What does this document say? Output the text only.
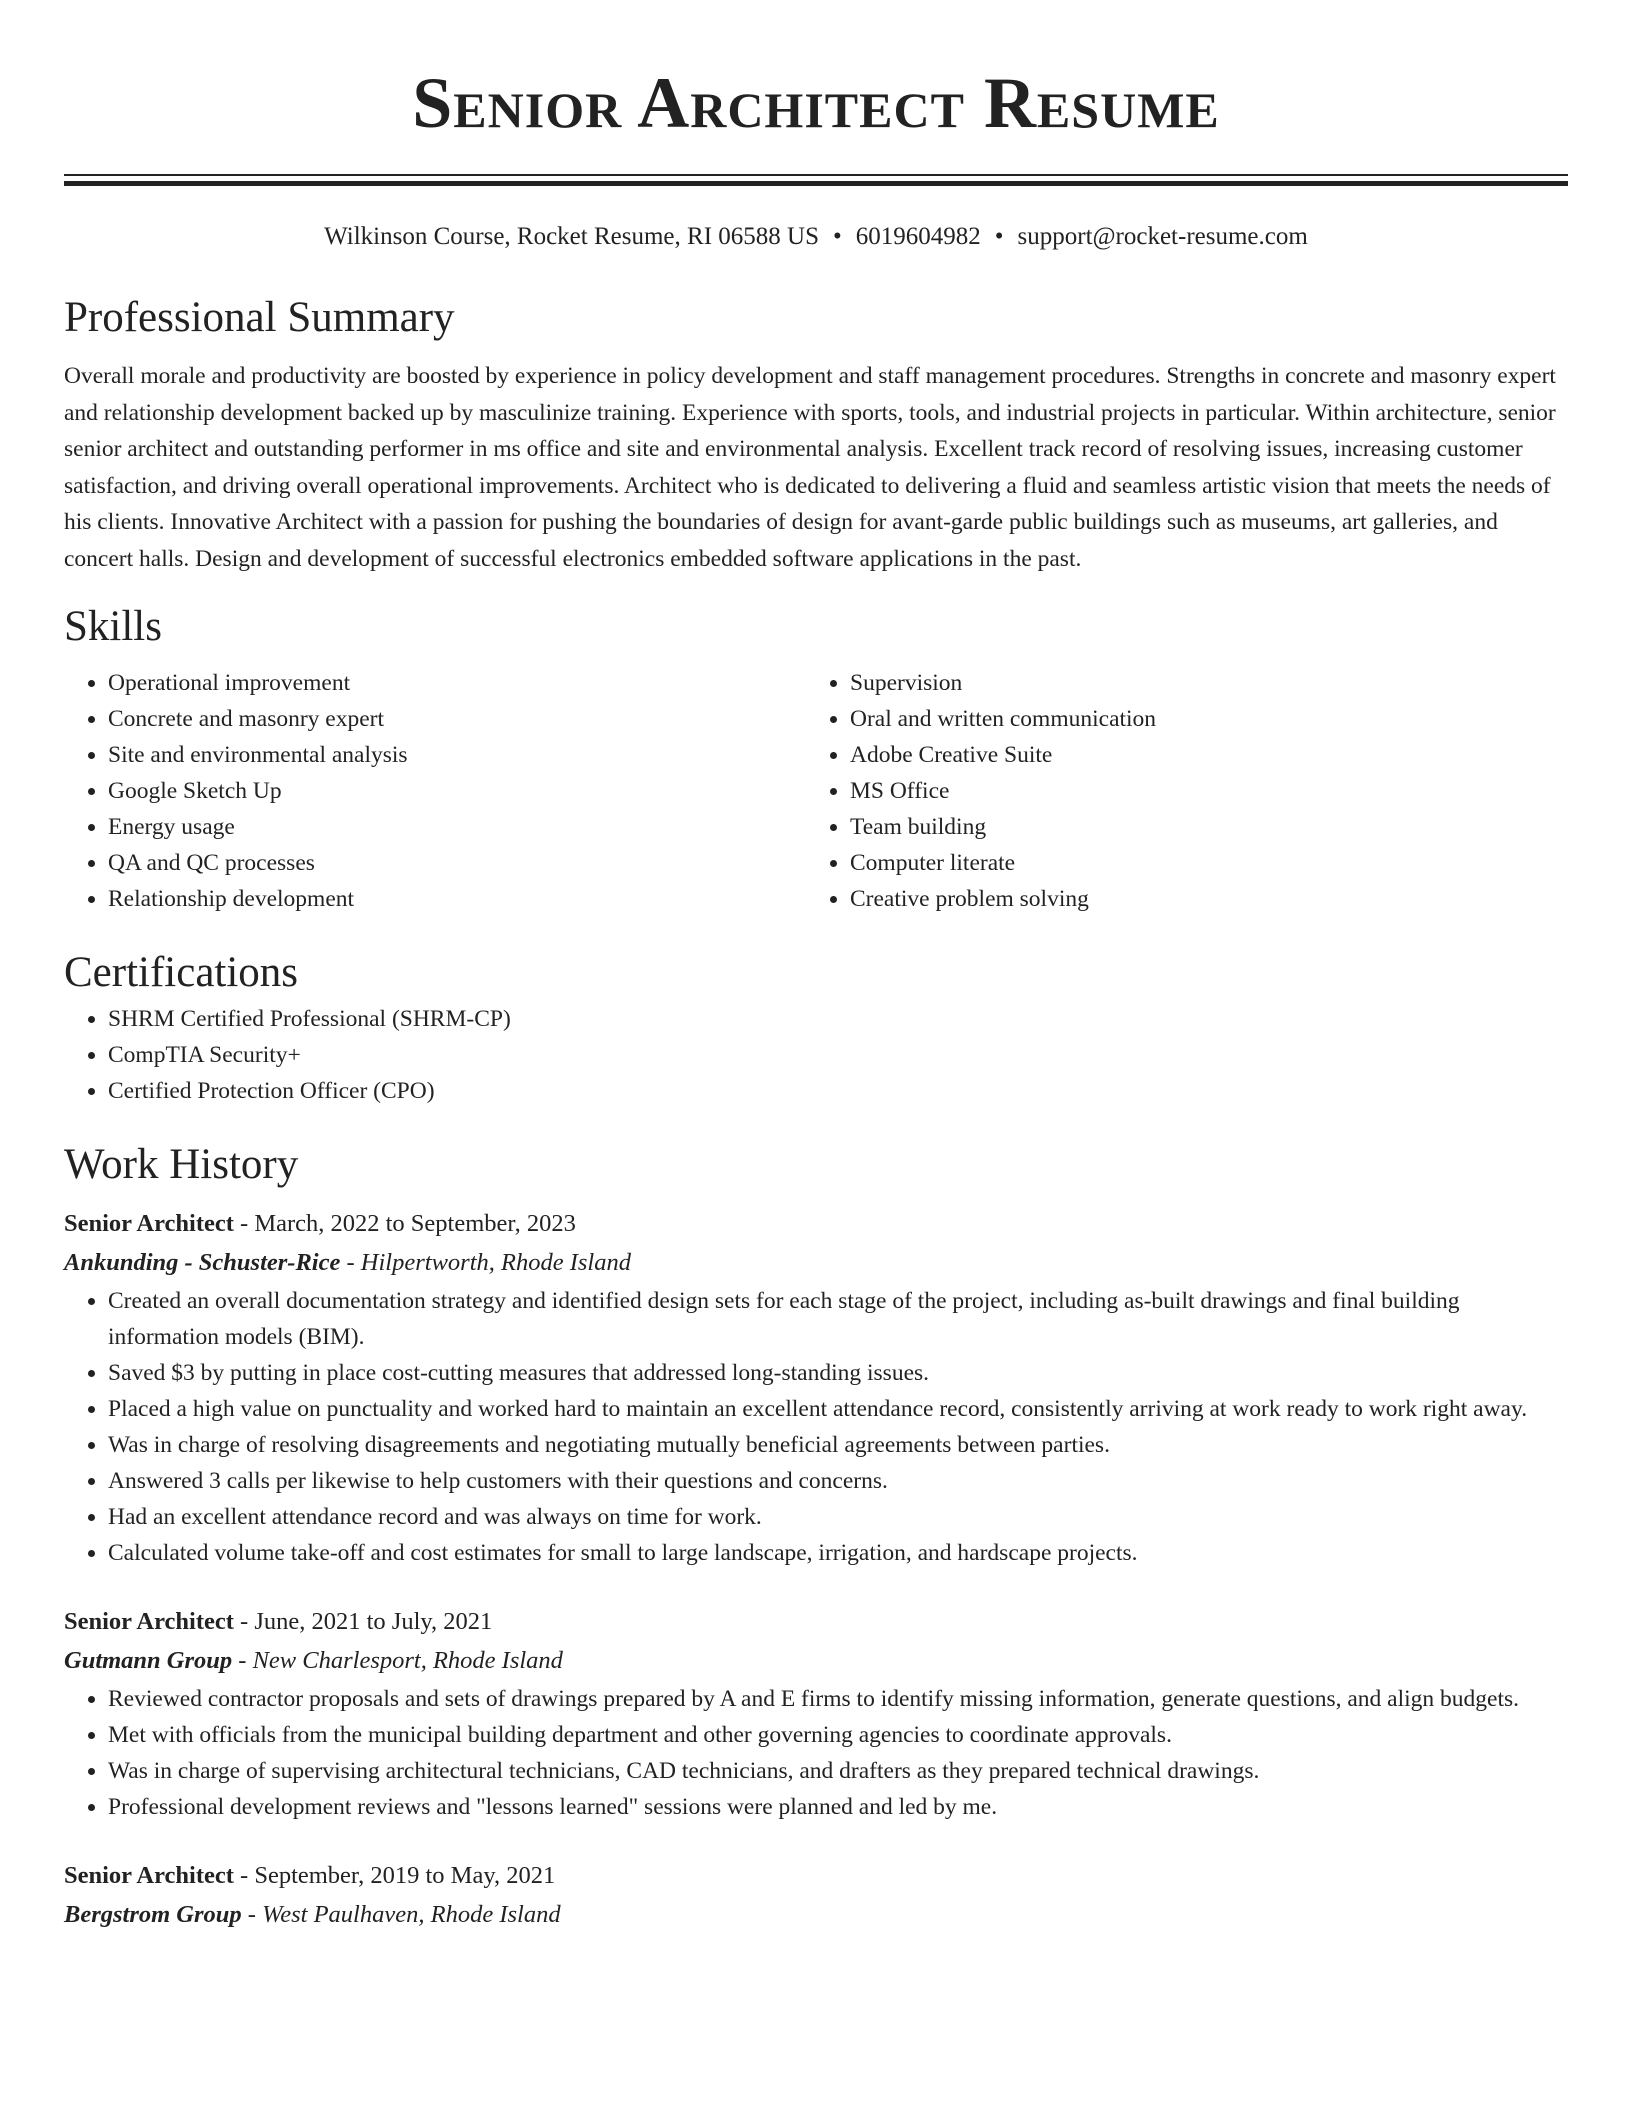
Senior Architect Resume
Wilkinson Course, Rocket Resume, RI 06588 US • 6019604982 • support@rocket-resume.com
Professional Summary

Overall morale and productivity are boosted by experience in policy development and staff management procedures. Strengths in concrete and masonry expert and relationship development backed up by masculinize training. Experience with sports, tools, and industrial projects in particular. Within architecture, senior senior architect and outstanding performer in ms office and site and environmental analysis. Excellent track record of resolving issues, increasing customer satisfaction, and driving overall operational improvements. Architect who is dedicated to delivering a fluid and seamless artistic vision that meets the needs of his clients. Innovative Architect with a passion for pushing the boundaries of design for avant-garde public buildings such as museums, art galleries, and concert halls. Design and development of successful electronics embedded software applications in the past.

Skills
• Operational improvement
• Concrete and masonry expert
• Site and environmental analysis
• Google Sketch Up
• Energy usage
• QA and QC processes
• Relationship development
• Supervision
• Oral and written communication
• Adobe Creative Suite
• MS Office
• Team building
• Computer literate
• Creative problem solving
Certifications
• SHRM Certified Professional (SHRM-CP)
• CompTIA Security+
• Certified Protection Officer (CPO)
Work History
Senior Architect - March, 2022 to September, 2023
Ankunding - Schuster-Rice - Hilpertworth, Rhode Island
• Created an overall documentation strategy and identified design sets for each stage of the project, including as-built drawings and final building information models (BIM).
• Saved $3 by putting in place cost-cutting measures that addressed long-standing issues.
• Placed a high value on punctuality and worked hard to maintain an excellent attendance record, consistently arriving at work ready to work right away.
• Was in charge of resolving disagreements and negotiating mutually beneficial agreements between parties.
• Answered 3 calls per likewise to help customers with their questions and concerns.
• Had an excellent attendance record and was always on time for work.
• Calculated volume take-off and cost estimates for small to large landscape, irrigation, and hardscape projects.
Senior Architect - June, 2021 to July, 2021
Gutmann Group - New Charlesport, Rhode Island
• Reviewed contractor proposals and sets of drawings prepared by A and E firms to identify missing information, generate questions, and align budgets.
• Met with officials from the municipal building department and other governing agencies to coordinate approvals.
• Was in charge of supervising architectural technicians, CAD technicians, and drafters as they prepared technical drawings.
• Professional development reviews and "lessons learned" sessions were planned and led by me.
Senior Architect - September, 2019 to May, 2021
Bergstrom Group - West Paulhaven, Rhode Island
